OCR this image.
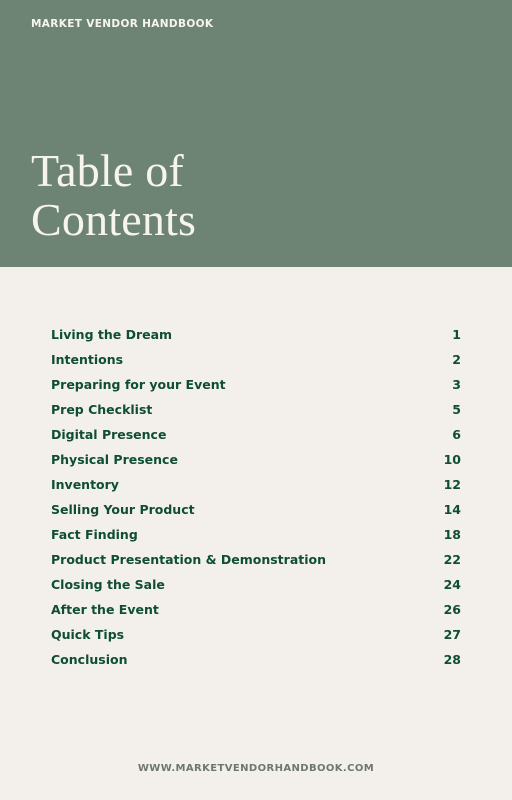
MARKET VENDOR HANDBOOK
Table of Contents
Living the Dream	1
Intentions	2
Preparing for your Event	3
Prep Checklist	5
Digital Presence	6
Physical Presence	10
Inventory	12
Selling Your Product	14
Fact Finding	18
Product Presentation & Demonstration	22
Closing the Sale	24
After the Event	26
Quick Tips	27
Conclusion	28
WWW.MARKETVENDORHANDBOOK.COM
